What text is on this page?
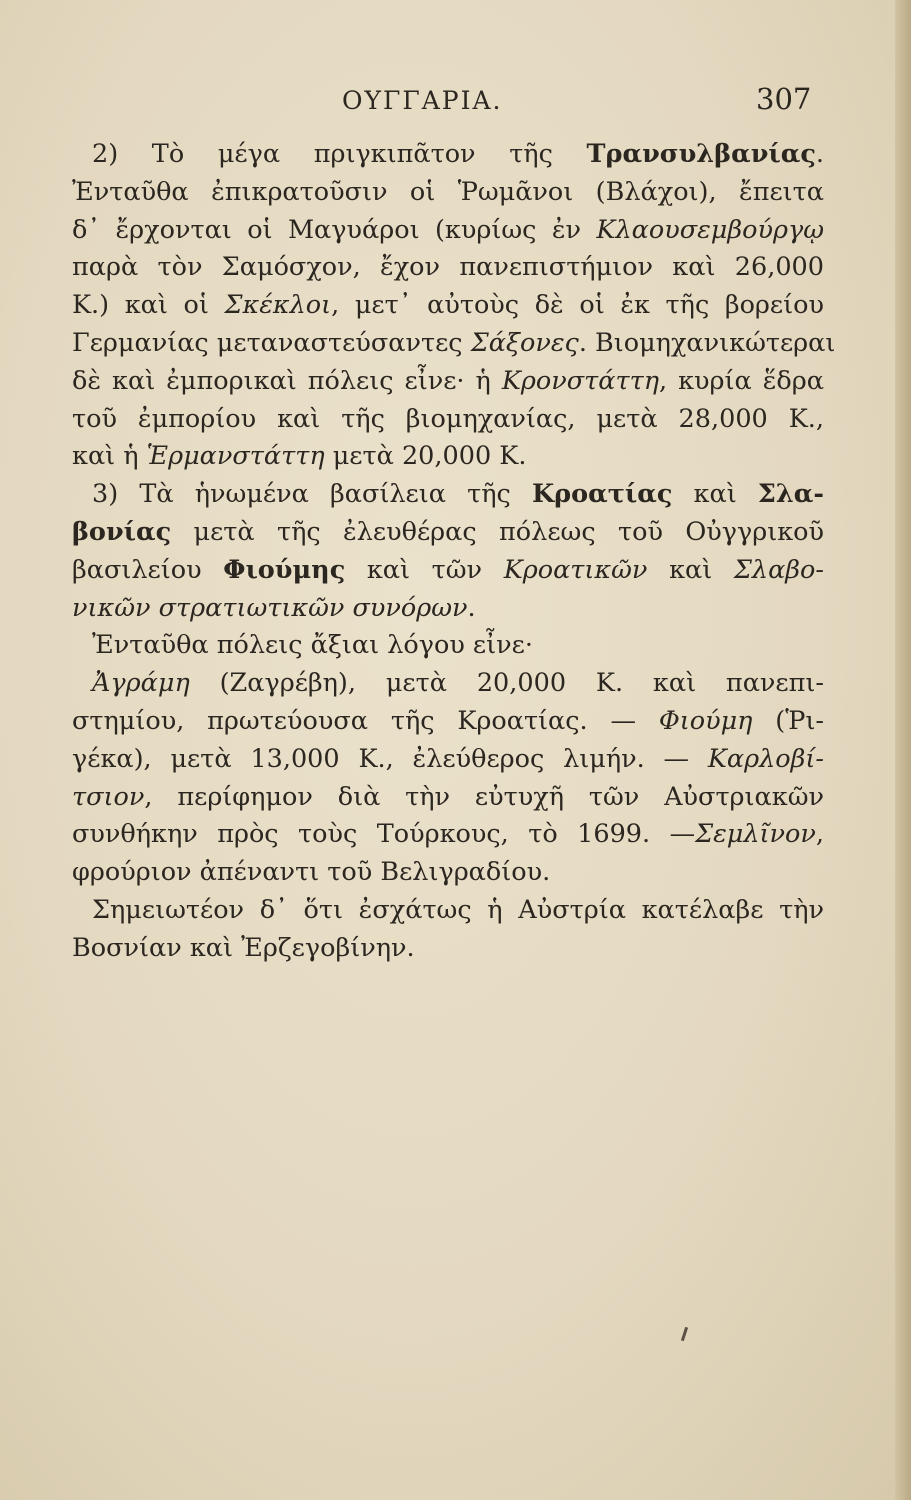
ΟΥΓΓΑΡΙΑ.	307
2) Τὸ μέγα πριγκιπᾶτον τῆς Τρανσυλβανίας.
Ἐνταῦθα ἐπικρατοῦσιν οἱ Ῥωμᾶνοι (Βλάχοι), ἔπειτα
δ᾽ ἔρχονται οἱ Μαγυάροι (κυρίως ἐν Κλαουσεμβούργῳ
παρὰ τὸν Σαμόσχον, ἔχον πανεπιστήμιον καὶ 26,000
Κ.) καὶ οἱ Σκέκλοι, μετ᾽ αὐτοὺς δὲ οἱ ἐκ τῆς βορείου
Γερμανίας μεταναστεύσαντες Σάξονες. Βιομηχανικώτεραι
δὲ καὶ ἐμπορικαὶ πόλεις εἶνε· ἡ Κρονστάττη, κυρία ἕδρα
τοῦ ἐμπορίου καὶ τῆς βιομηχανίας, μετὰ 28,000 Κ.,
καὶ ἡ Ἑρμανστάττη μετὰ 20,000 Κ.
3) Τὰ ἡνωμένα βασίλεια τῆς Κροατίας καὶ Σλα-
βονίας μετὰ τῆς ἐλευθέρας πόλεως τοῦ Οὐγγρικοῦ
βασιλείου Φιούμης καὶ τῶν Κροατικῶν καὶ Σλαβο-
νικῶν στρατιωτικῶν συνόρων.
Ἐνταῦθα πόλεις ἄξιαι λόγου εἶνε·
Ἀγράμη (Ζαγρέβη), μετὰ 20,000 Κ. καὶ πανεπι-
στημίου, πρωτεύουσα τῆς Κροατίας. — Φιούμη (Ῥι-
γέκα), μετὰ 13,000 Κ., ἐλεύθερος λιμήν. — Καρλοβί-
τσιον, περίφημον διὰ τὴν εὐτυχῆ τῶν Αὐστριακῶν
συνθήκην πρὸς τοὺς Τούρκους, τὸ 1699. —Σεμλῖνον,
φρούριον ἀπέναντι τοῦ Βελιγραδίου.
Σημειωτέον δ᾽ ὅτι ἐσχάτως ἡ Αὐστρία κατέλαβε τὴν
Βοσνίαν καὶ Ἐρζεγοβίνην.
